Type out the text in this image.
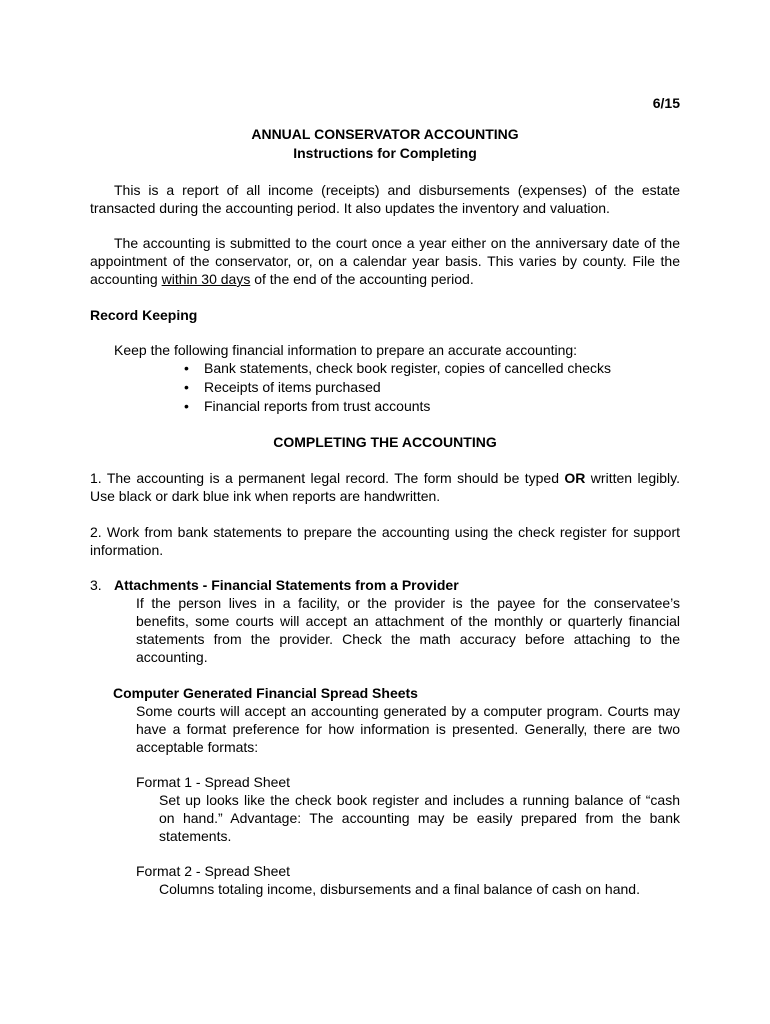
6/15

ANNUAL CONSERVATOR ACCOUNTING

Instructions for Completing

This is a report of all income (receipts) and disbursements (expenses) of the estate transacted during the accounting period. It also updates the inventory and valuation.

The accounting is submitted to the court once a year either on the anniversary date of the appointment of the conservator, or, on a calendar year basis. This varies by county. File the accounting within 30 days of the end of the accounting period.

Record Keeping

Keep the following financial information to prepare an accurate accounting:

• Bank statements, check book register, copies of cancelled checks
• Receipts of items purchased
• Financial reports from trust accounts

COMPLETING THE ACCOUNTING

1. The accounting is a permanent legal record. The form should be typed OR written legibly. Use black or dark blue ink when reports are handwritten.

2. Work from bank statements to prepare the accounting using the check register for support information.

3. Attachments - Financial Statements from a Provider

If the person lives in a facility, or the provider is the payee for the conservatee’s benefits, some courts will accept an attachment of the monthly or quarterly financial statements from the provider. Check the math accuracy before attaching to the accounting.

Computer Generated Financial Spread Sheets

Some courts will accept an accounting generated by a computer program. Courts may have a format preference for how information is presented. Generally, there are two acceptable formats:

Format 1 - Spread Sheet

Set up looks like the check book register and includes a running balance of “cash on hand.” Advantage: The accounting may be easily prepared from the bank statements.

Format 2 - Spread Sheet

Columns totaling income, disbursements and a final balance of cash on hand.
